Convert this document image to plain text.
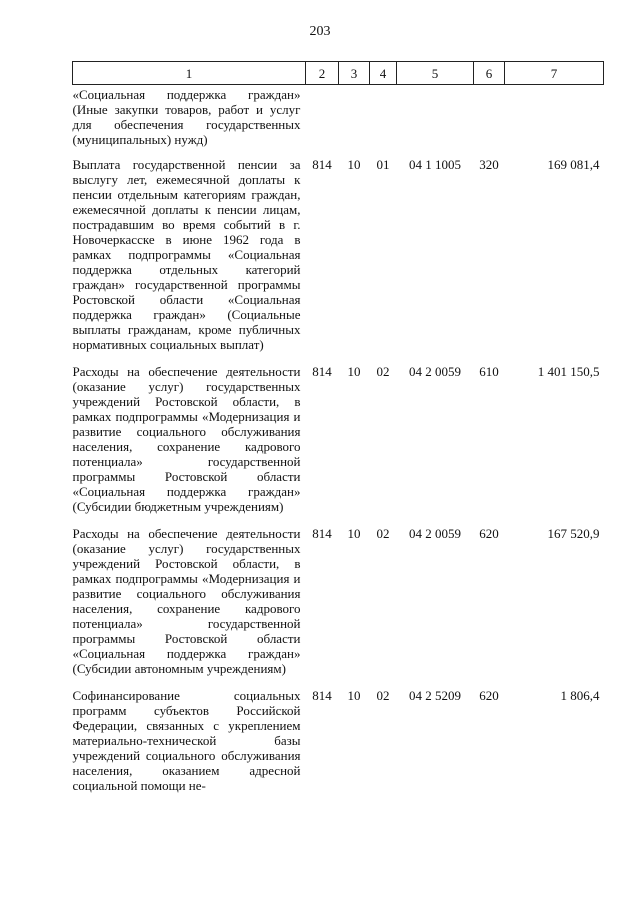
203
1	2	3	4	5	6	7
«Социальная поддержка граждан» (Иные закупки товаров, работ и услуг для обеспечения государственных (муниципальных) нужд)						
Выплата государственной пенсии за выслугу лет, ежемесячной доплаты к пенсии отдельным категориям граждан, ежемесячной доплаты к пенсии лицам, пострадавшим во время событий в г. Новочеркасске в июне 1962 года в рамках подпрограммы «Социальная поддержка отдельных категорий граждан» государственной программы Ростовской области «Социальная поддержка граждан» (Социальные выплаты гражданам, кроме публичных нормативных социальных выплат)	814	10	01	04 1 1005	320	169 081,4
Расходы на обеспечение деятельности (оказание услуг) государственных учреждений Ростовской области, в рамках подпрограммы «Модернизация и развитие социального обслуживания населения, сохранение кадрового потенциала» государственной программы Ростовской области «Социальная поддержка граждан» (Субсидии бюджетным учреждениям)	814	10	02	04 2 0059	610	1 401 150,5
Расходы на обеспечение деятельности (оказание услуг) государственных учреждений Ростовской области, в рамках подпрограммы «Модернизация и развитие социального обслуживания населения, сохранение кадрового потенциала» государственной программы Ростовской области «Социальная поддержка граждан» (Субсидии автономным учреждениям)	814	10	02	04 2 0059	620	167 520,9
Софинансирование социальных программ субъектов Российской Федерации, связанных с укреплением материально-технической базы учреждений социального обслуживания населения, оказанием адресной социальной помощи не-	814	10	02	04 2 5209	620	1 806,4
